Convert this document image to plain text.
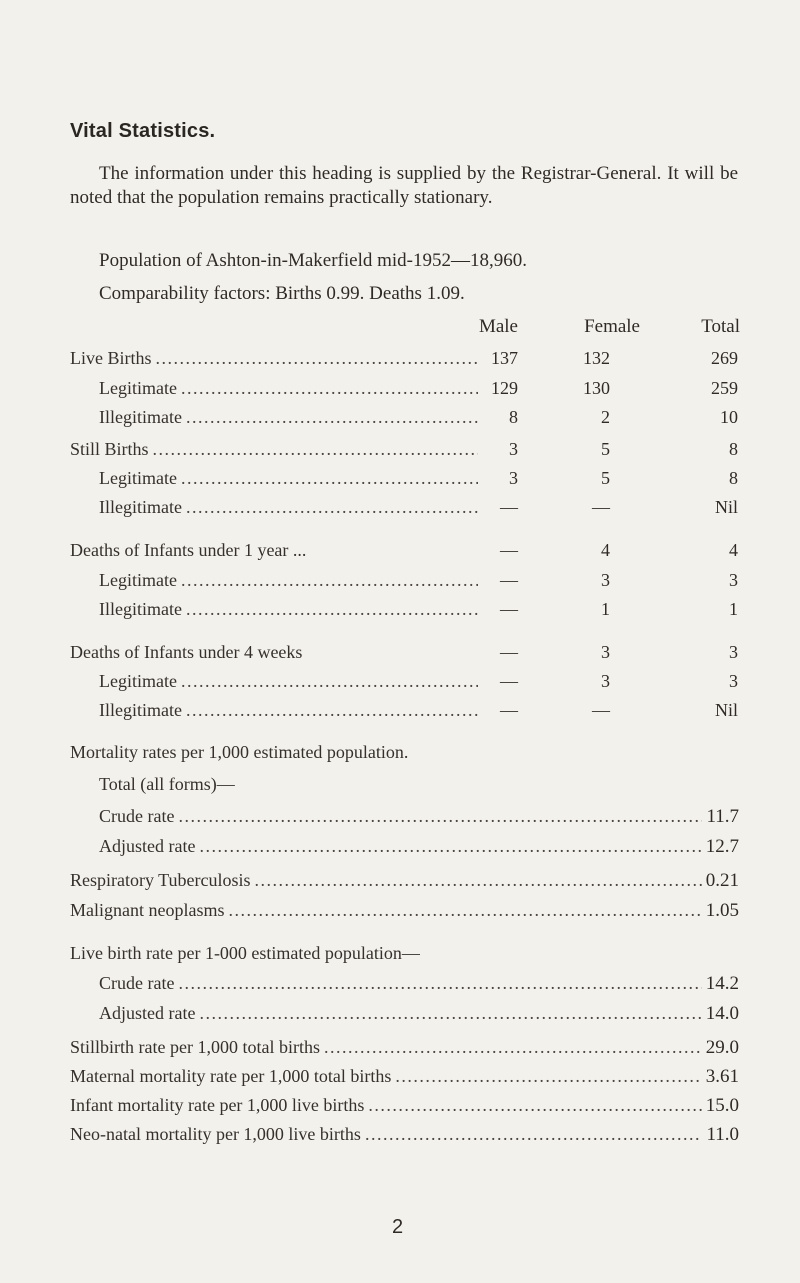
Vital Statistics.
The information under this heading is supplied by the Registrar-General. It will be noted that the population remains practically stationary.
Population of Ashton-in-Makerfield mid-1952—18,960.
Comparability factors: Births 0.99. Deaths 1.09.
Male	Female	Total
Live Births .....	137	132	269
Legitimate .....	129	130	259
Illegitimate .....	8	2	10
Still Births .....	3	5	8
Legitimate .....	3	5	8
Illegitimate .....	—	—	Nil
Deaths of Infants under 1 year ...	—	4	4
Legitimate .....	—	3	3
Illegitimate .....	—	1	1
Deaths of Infants under 4 weeks	—	3	3
Legitimate .....	—	3	3
Illegitimate .....	—	—	Nil
Mortality rates per 1,000 estimated population.
Total (all forms)—
Crude rate .....	11.7
Adjusted rate .....	12.7
Respiratory Tuberculosis .....	0.21
Malignant neoplasms .....	1.05
Live birth rate per 1-000 estimated population—
Crude rate .....	14.2
Adjusted rate .....	14.0
Stillbirth rate per 1,000 total births .....	29.0
Maternal mortality rate per 1,000 total births .....	3.61
Infant mortality rate per 1,000 live births .....	15.0
Neo-natal mortality per 1,000 live births .....	11.0
2
